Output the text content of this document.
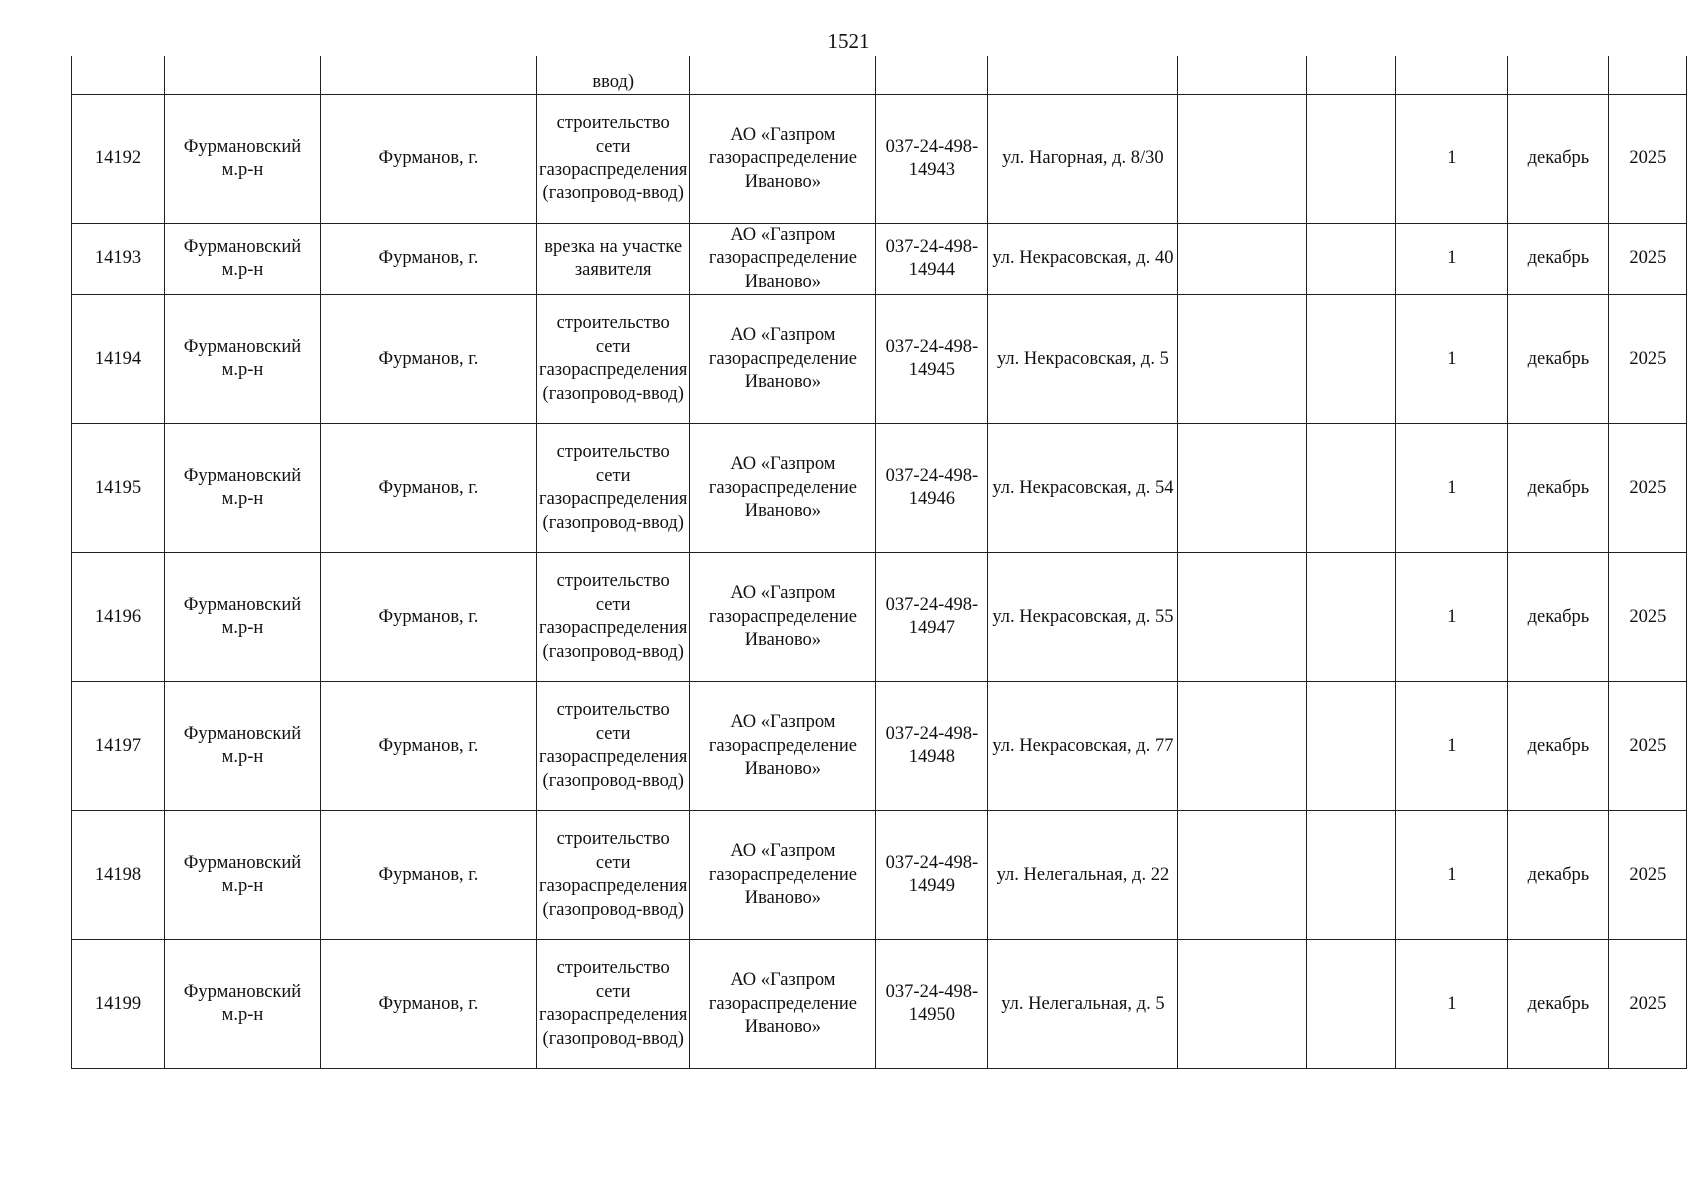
1521
			ввод)								
14192	Фурмановский м.р-н	Фурманов, г.	строительство сети газораспределения (газопровод-ввод)	АО «Газпром газораспределение Иваново»	037-24-498-14943	ул. Нагорная, д. 8/30			1	декабрь	2025
14193	Фурмановский м.р-н	Фурманов, г.	врезка на участке заявителя	АО «Газпром газораспределение Иваново»	037-24-498-14944	ул. Некрасовская, д. 40			1	декабрь	2025
14194	Фурмановский м.р-н	Фурманов, г.	строительство сети газораспределения (газопровод-ввод)	АО «Газпром газораспределение Иваново»	037-24-498-14945	ул. Некрасовская, д. 5			1	декабрь	2025
14195	Фурмановский м.р-н	Фурманов, г.	строительство сети газораспределения (газопровод-ввод)	АО «Газпром газораспределение Иваново»	037-24-498-14946	ул. Некрасовская, д. 54			1	декабрь	2025
14196	Фурмановский м.р-н	Фурманов, г.	строительство сети газораспределения (газопровод-ввод)	АО «Газпром газораспределение Иваново»	037-24-498-14947	ул. Некрасовская, д. 55			1	декабрь	2025
14197	Фурмановский м.р-н	Фурманов, г.	строительство сети газораспределения (газопровод-ввод)	АО «Газпром газораспределение Иваново»	037-24-498-14948	ул. Некрасовская, д. 77			1	декабрь	2025
14198	Фурмановский м.р-н	Фурманов, г.	строительство сети газораспределения (газопровод-ввод)	АО «Газпром газораспределение Иваново»	037-24-498-14949	ул. Нелегальная, д. 22			1	декабрь	2025
14199	Фурмановский м.р-н	Фурманов, г.	строительство сети газораспределения (газопровод-ввод)	АО «Газпром газораспределение Иваново»	037-24-498-14950	ул. Нелегальная, д. 5			1	декабрь	2025
